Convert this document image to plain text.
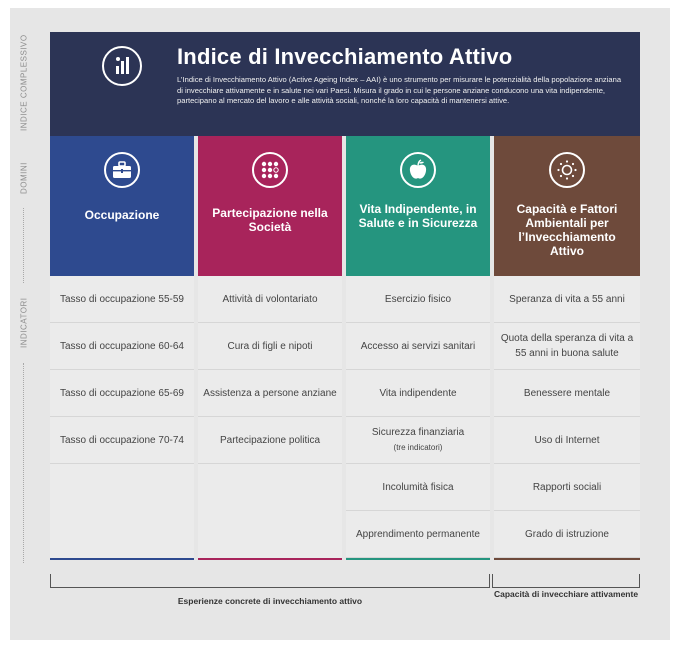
INDICE COMPLESSIVO
DOMINI
INDICATORI
Indice di Invecchiamento Attivo
L’Indice di Invecchiamento Attivo (Active Ageing Index – AAI) è uno strumento per misurare le potenzialità della popolazione anziana di invecchiare attivamente e in salute nei vari Paesi. Misura il grado in cui le persone anziane conducono una vita indipendente, partecipano al mercato del lavoro e alle attività sociali, nonché la loro capacità di mantenersi attive.
Occupazione
Tasso di occupazione 55-59
Tasso di occupazione 60-64
Tasso di occupazione 65-69
Tasso di occupazione 70-74
Partecipazione nella Società
Attività di volontariato
Cura di figli e nipoti
Assistenza a persone anziane
Partecipazione politica
Vita Indipendente, in Salute e in Sicurezza
Esercizio fisico
Accesso ai servizi sanitari
Vita indipendente
Sicurezza finanziaria
(tre indicatori)
Incolumità fisica
Apprendimento permanente
Capacità e Fattori Ambientali per l’Invecchiamento Attivo
Speranza di vita a 55 anni
Quota della speranza di vita a 55 anni in buona salute
Benessere mentale
Uso di Internet
Rapporti sociali
Grado di istruzione
Esperienze concrete di invecchiamento attivo
Capacità di invecchiare attivamente
